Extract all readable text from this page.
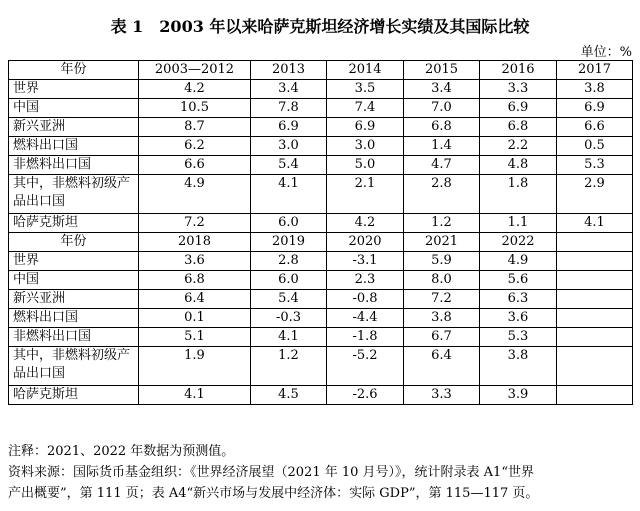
表 1　2003 年以来哈萨克斯坦经济增长实绩及其国际比较
单位：%
年份	2003—2012	2013	2014	2015	2016	2017
世界	4.2	3.4	3.5	3.4	3.3	3.8
中国	10.5	7.8	7.4	7.0	6.9	6.9
新兴亚洲	8.7	6.9	6.9	6.8	6.8	6.6
燃料出口国	6.2	3.0	3.0	1.4	2.2	0.5
非燃料出口国	6.6	5.4	5.0	4.7	4.8	5.3
其中，非燃料初级产品出口国	4.9	4.1	2.1	2.8	1.8	2.9
哈萨克斯坦	7.2	6.0	4.2	1.2	1.1	4.1
年份	2018	2019	2020	2021	2022	
世界	3.6	2.8	-3.1	5.9	4.9	
中国	6.8	6.0	2.3	8.0	5.6	
新兴亚洲	6.4	5.4	-0.8	7.2	6.3	
燃料出口国	0.1	-0.3	-4.4	3.8	3.6	
非燃料出口国	5.1	4.1	-1.8	6.7	5.3	
其中，非燃料初级产品出口国	1.9	1.2	-5.2	6.4	3.8	
哈萨克斯坦	4.1	4.5	-2.6	3.3	3.9	
注释：2021、2022 年数据为预测值。
资料来源：国际货币基金组织：《世界经济展望（2021 年 10 月号）》，统计附录表 A1“世界
产出概要”，第 111 页；表 A4“新兴市场与发展中经济体：实际 GDP”，第 115—117 页。
